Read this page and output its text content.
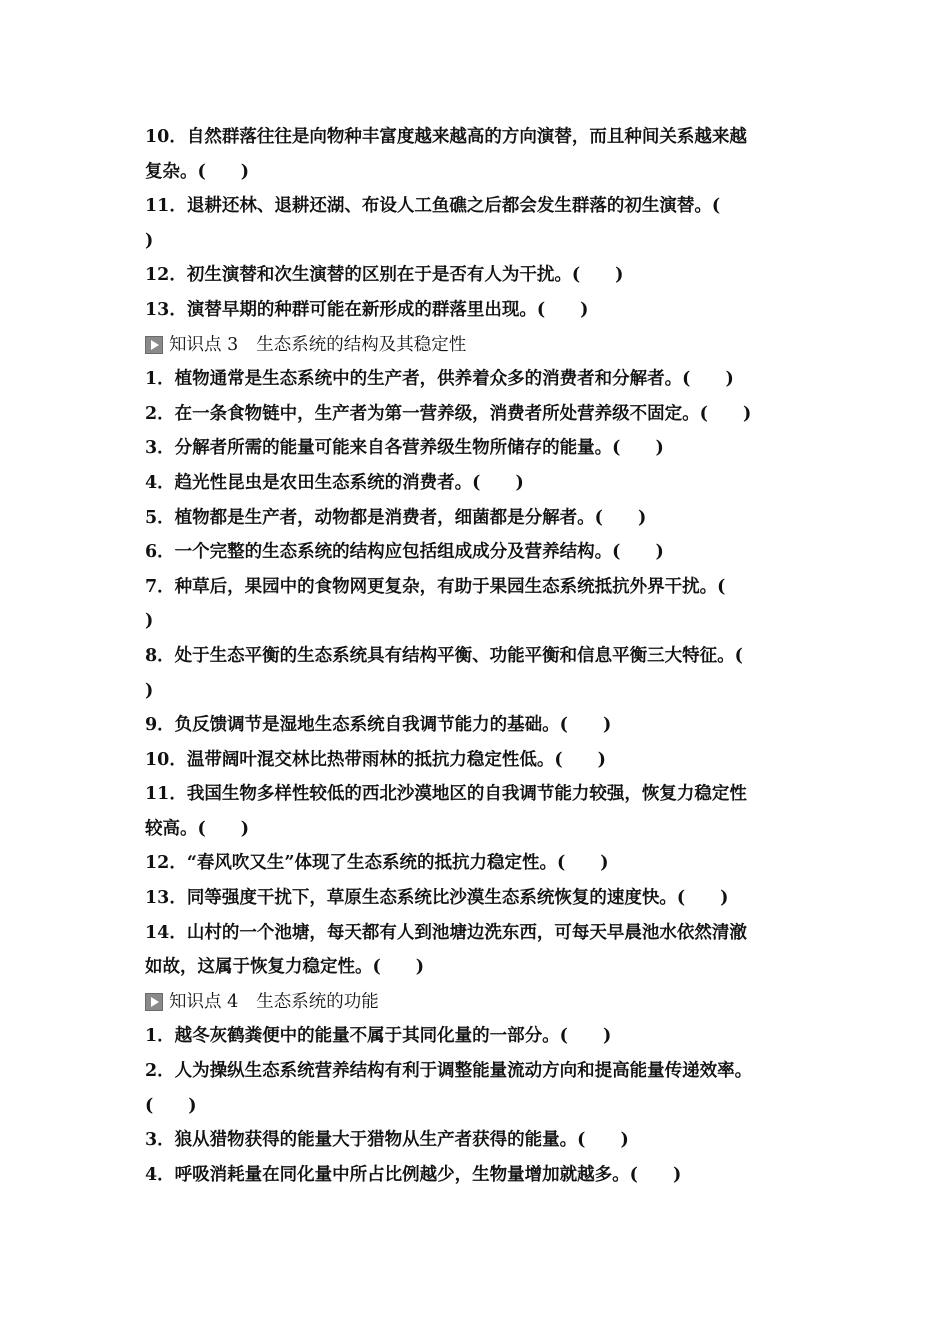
10．自然群落往往是向物种丰富度越来越高的方向演替，而且种间关系越来越
复杂。(　　)
11．退耕还林、退耕还湖、布设人工鱼礁之后都会发生群落的初生演替。(
)
12．初生演替和次生演替的区别在于是否有人为干扰。(　　)
13．演替早期的种群可能在新形成的群落里出现。(　　)
知识点 3 生态系统的结构及其稳定性
1．植物通常是生态系统中的生产者，供养着众多的消费者和分解者。(　　)
2．在一条食物链中，生产者为第一营养级，消费者所处营养级不固定。(　　)
3．分解者所需的能量可能来自各营养级生物所储存的能量。(　　)
4．趋光性昆虫是农田生态系统的消费者。(　　)
5．植物都是生产者，动物都是消费者，细菌都是分解者。(　　)
6．一个完整的生态系统的结构应包括组成成分及营养结构。(　　)
7．种草后，果园中的食物网更复杂，有助于果园生态系统抵抗外界干扰。(
)
8．处于生态平衡的生态系统具有结构平衡、功能平衡和信息平衡三大特征。(
)
9．负反馈调节是湿地生态系统自我调节能力的基础。(　　)
10．温带阔叶混交林比热带雨林的抵抗力稳定性低。(　　)
11．我国生物多样性较低的西北沙漠地区的自我调节能力较强，恢复力稳定性
较高。(　　)
12．“春风吹又生”体现了生态系统的抵抗力稳定性。(　　)
13．同等强度干扰下，草原生态系统比沙漠生态系统恢复的速度快。(　　)
14．山村的一个池塘，每天都有人到池塘边洗东西，可每天早晨池水依然清澈
如故，这属于恢复力稳定性。(　　)
知识点 4 生态系统的功能
1．越冬灰鹤粪便中的能量不属于其同化量的一部分。(　　)
2．人为操纵生态系统营养结构有利于调整能量流动方向和提高能量传递效率。
(　　)
3．狼从猎物获得的能量大于猎物从生产者获得的能量。(　　)
4．呼吸消耗量在同化量中所占比例越少，生物量增加就越多。(　　)
